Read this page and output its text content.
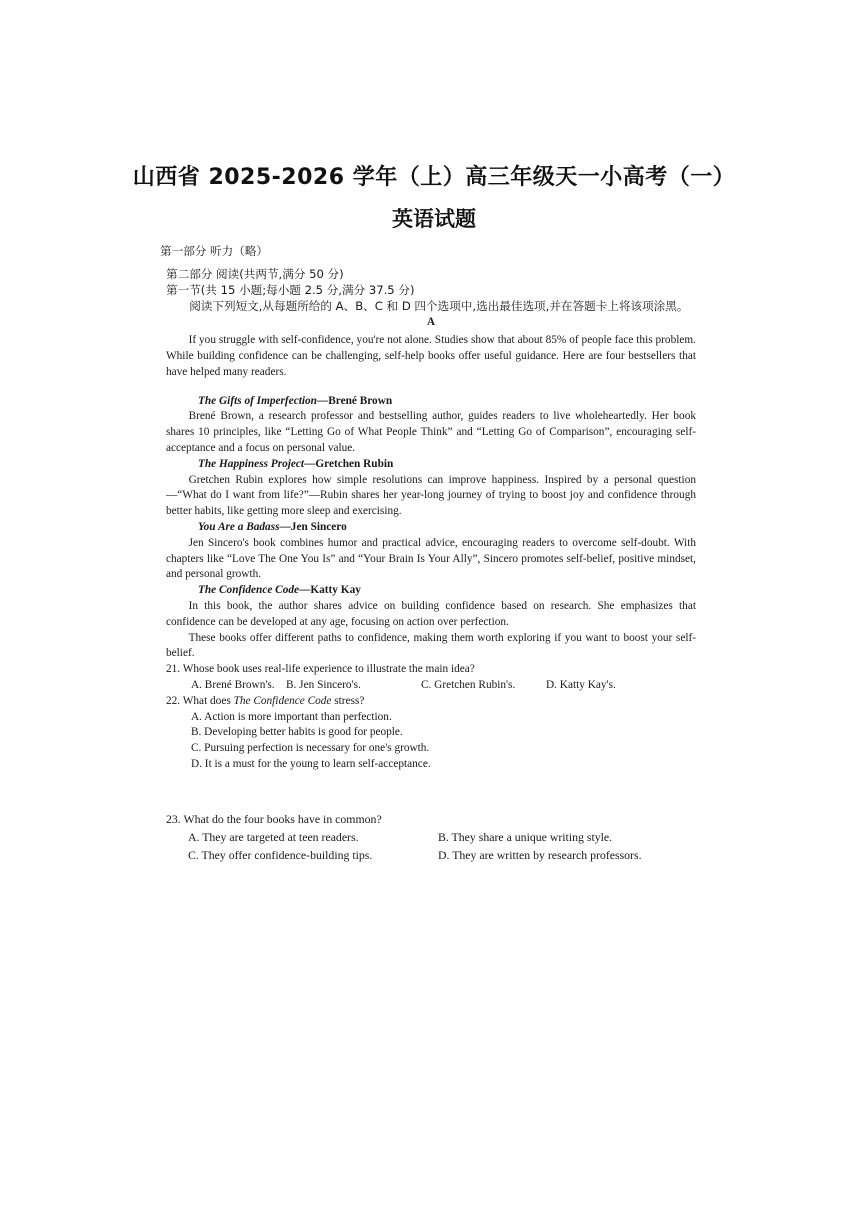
山西省 2025-2026 学年（上）高三年级天一小高考（一）
英语试题
第一部分 听力（略）

第二部分 阅读(共两节,满分 50 分)

第一节(共 15 小题;每小题 2.5 分,满分 37.5 分)

阅读下列短文,从每题所给的 A、B、C 和 D 四个选项中,选出最佳选项,并在答题卡上将该项涂黑。

A

If you struggle with self-confidence, you're not alone. Studies show that about 85% of people face this problem. While building confidence can be challenging, self-help books offer useful guidance. Here are four bestsellers that have helped many readers.

The Gifts of Imperfection—Brené Brown

Brené Brown, a research professor and bestselling author, guides readers to live wholeheartedly. Her book shares 10 principles, like “Letting Go of What People Think” and “Letting Go of Comparison”, encouraging self-acceptance and a focus on personal value.

The Happiness Project—Gretchen Rubin

Gretchen Rubin explores how simple resolutions can improve happiness. Inspired by a personal question—“What do I want from life?”—Rubin shares her year-long journey of trying to boost joy and confidence through better habits, like getting more sleep and exercising.

You Are a Badass—Jen Sincero

Jen Sincero's book combines humor and practical advice, encouraging readers to overcome self-doubt. With chapters like “Love The One You Is” and “Your Brain Is Your Ally”, Sincero promotes self-belief, positive mindset, and personal growth.

The Confidence Code—Katty Kay

In this book, the author shares advice on building confidence based on research. She emphasizes that confidence can be developed at any age, focusing on action over perfection.

These books offer different paths to confidence, making them worth exploring if you want to boost your self-belief.

21. Whose book uses real-life experience to illustrate the main idea?

A. Brené Brown's.	B. Jen Sincero's.	C. Gretchen Rubin's.	D. Katty Kay's.

22. What does The Confidence Code stress?

A. Action is more important than perfection.

B. Developing better habits is good for people.

C. Pursuing perfection is necessary for one's growth.

D. It is a must for the young to learn self-acceptance.

23. What do the four books have in common?

A. They are targeted at teen readers.	B. They share a unique writing style.
C. They offer confidence-building tips.	D. They are written by research professors.
